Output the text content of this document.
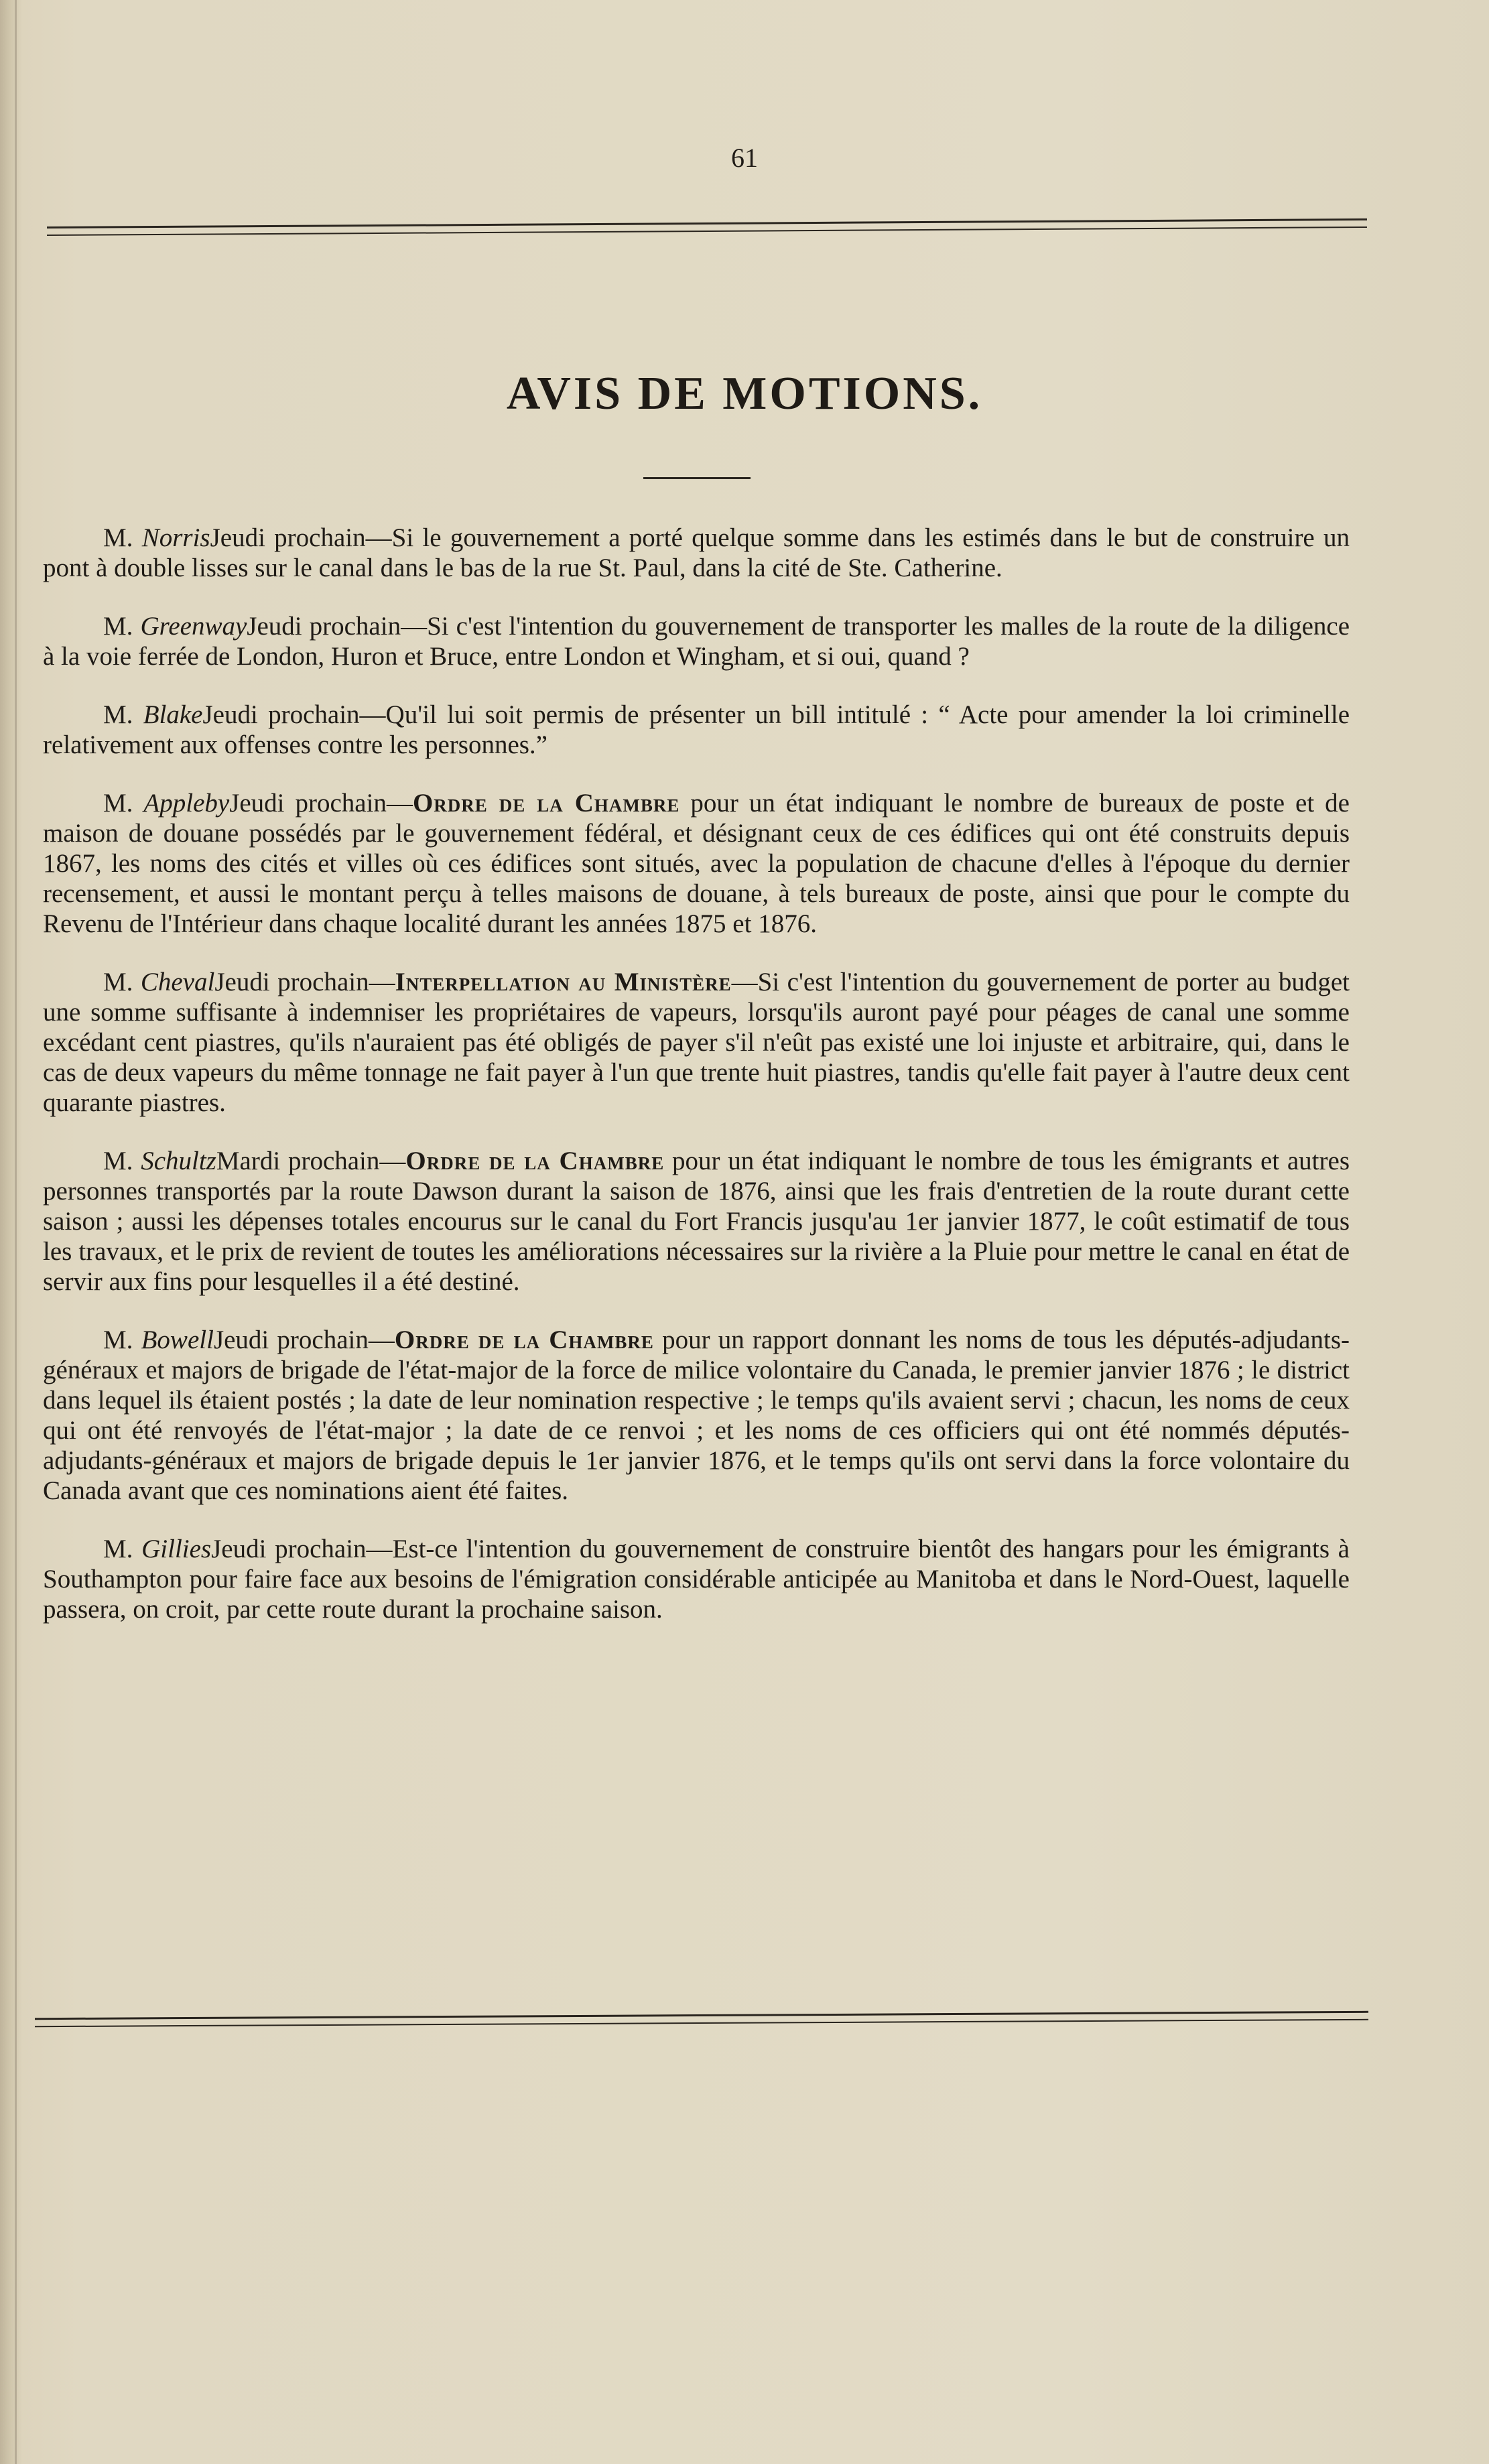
61
AVIS DE MOTIONS.

M. NorrisJeudi prochain—Si le gouvernement a porté quelque somme dans les estimés dans le but de construire un pont à double lisses sur le canal dans le bas de la rue St. Paul, dans la cité de Ste. Catherine.

M. GreenwayJeudi prochain—Si c'est l'intention du gouvernement de transporter les malles de la route de la diligence à la voie ferrée de London, Huron et Bruce, entre London et Wingham, et si oui, quand ?

M. BlakeJeudi prochain—Qu'il lui soit permis de présenter un bill intitulé : “ Acte pour amender la loi criminelle relativement aux offenses contre les personnes.”

M. ApplebyJeudi prochain—Ordre de la Chambre pour un état indiquant le nombre de bureaux de poste et de maison de douane possédés par le gouvernement fédéral, et désignant ceux de ces édifices qui ont été construits depuis 1867, les noms des cités et villes où ces édifices sont situés, avec la population de chacune d'elles à l'époque du dernier recensement, et aussi le montant perçu à telles maisons de douane, à tels bureaux de poste, ainsi que pour le compte du Revenu de l'Intérieur dans chaque localité durant les années 1875 et 1876.

M. ChevalJeudi prochain—Interpellation au Ministère—Si c'est l'intention du gouvernement de porter au budget une somme suffisante à indemniser les propriétaires de vapeurs, lorsqu'ils auront payé pour péages de canal une somme excédant cent piastres, qu'ils n'auraient pas été obligés de payer s'il n'eût pas existé une loi injuste et arbitraire, qui, dans le cas de deux vapeurs du même tonnage ne fait payer à l'un que trente huit piastres, tandis qu'elle fait payer à l'autre deux cent quarante piastres.

M. SchultzMardi prochain—Ordre de la Chambre pour un état indiquant le nombre de tous les émigrants et autres personnes transportés par la route Dawson durant la saison de 1876, ainsi que les frais d'entretien de la route durant cette saison ; aussi les dépenses totales encourus sur le canal du Fort Francis jusqu'au 1er janvier 1877, le coût estimatif de tous les travaux, et le prix de revient de toutes les améliorations nécessaires sur la rivière a la Pluie pour mettre le canal en état de servir aux fins pour lesquelles il a été destiné.

M. BowellJeudi prochain—Ordre de la Chambre pour un rapport donnant les noms de tous les députés-adjudants-généraux et majors de brigade de l'état-major de la force de milice volontaire du Canada, le premier janvier 1876 ; le district dans lequel ils étaient postés ; la date de leur nomination respective ; le temps qu'ils avaient servi ; chacun, les noms de ceux qui ont été renvoyés de l'état-major ; la date de ce renvoi ; et les noms de ces officiers qui ont été nommés députés-adjudants-généraux et majors de brigade depuis le 1er janvier 1876, et le temps qu'ils ont servi dans la force volontaire du Canada avant que ces nominations aient été faites.

M. GilliesJeudi prochain—Est-ce l'intention du gouvernement de construire bientôt des hangars pour les émigrants à Southampton pour faire face aux besoins de l'émigration considérable anticipée au Manitoba et dans le Nord-Ouest, laquelle passera, on croit, par cette route durant la prochaine saison.
